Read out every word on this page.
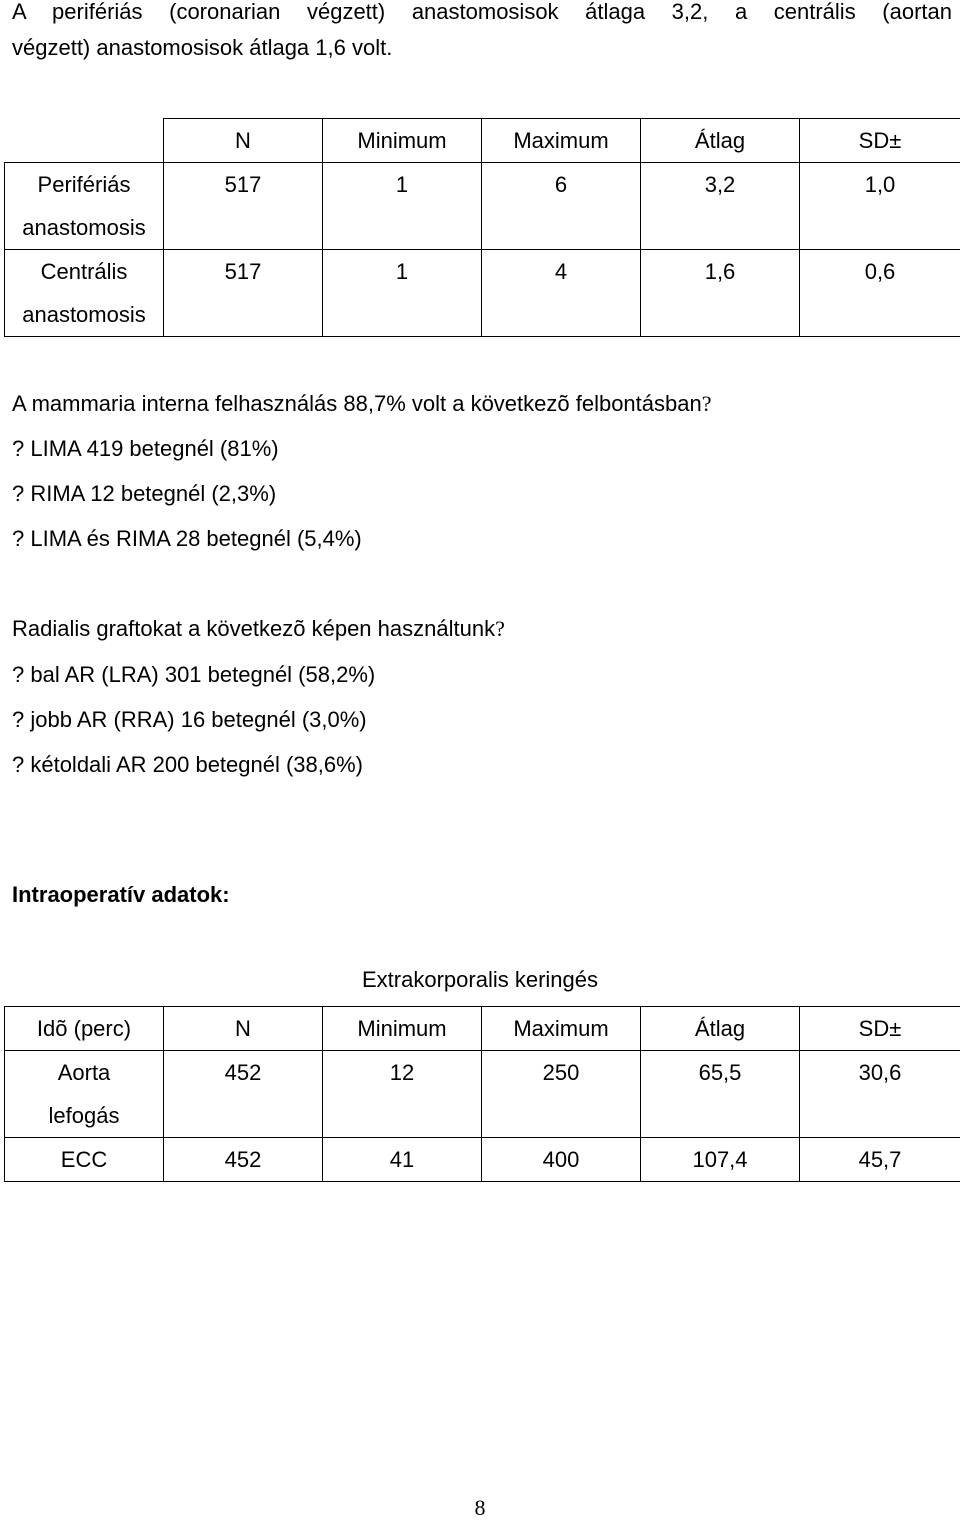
A perifériás (coronarian végzett) anastomosisok átlaga 3,2, a centrális (aortan
végzett) anastomosisok átlaga 1,6 volt.
	N	Minimum	Maximum	Átlag	SD±

Perifériás
anastomosis	517	1	6	3,2	1,0

Centrális
anastomosis	517	1	4	1,6	0,6

A mammaria interna felhasználás 88,7% volt a következõ felbontásban?
? LIMA 419 betegnél (81%)
? RIMA 12 betegnél (2,3%)
? LIMA és RIMA 28 betegnél (5,4%)
Radialis graftokat a következõ képen használtunk?
? bal AR (LRA) 301 betegnél (58,2%)
? jobb AR (RRA) 16 betegnél (3,0%)
? kétoldali AR 200 betegnél (38,6%)
Intraoperatív adatok:
Extrakorporalis keringés
Idõ (perc)	N	Minimum	Maximum	Átlag	SD±

Aorta
lefogás	452	12	250	65,5	30,6

ECC	452	41	400	107,4	45,7
8
